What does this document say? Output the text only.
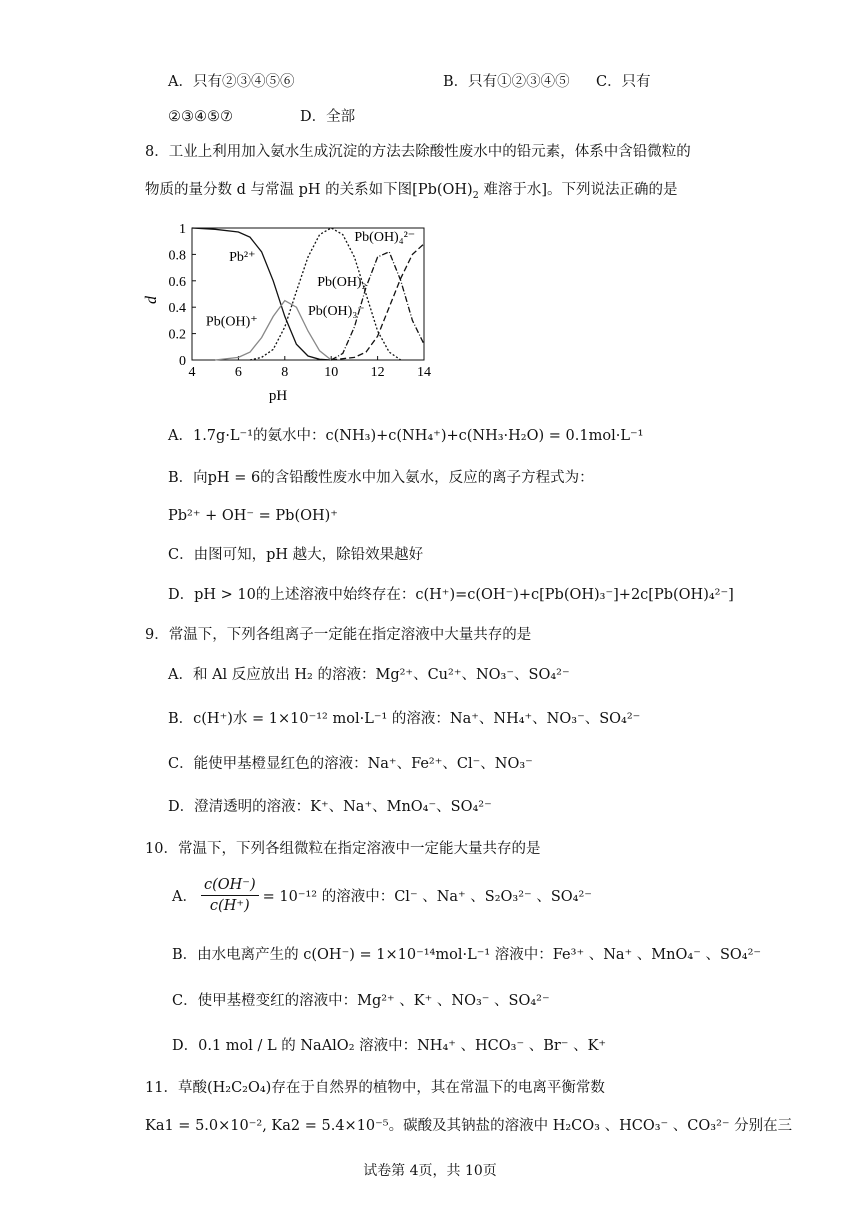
A．只有②③④⑤⑥	B．只有①②③④⑤ C．只有
②③④⑤⑦	D．全部
8．工业上利用加入氨水生成沉淀的方法去除酸性废水中的铅元素，体系中含铅微粒的
物质的量分数 d 与常温 pH 的关系如下图[$Pb(OH)_2$ 难溶于水]。下列说法正确的是
4	6	8	10 12 14
0
0.2
0.4
0.6
0.8
1
pH
d
Pb²⁺
Pb(OH)⁺
Pb(OH)₂
Pb(OH)₃⁻
Pb(OH)₄²⁻
A．1.7g·L⁻¹的氨水中：c(NH₃)+c(NH₄⁺)+c(NH₃·H₂O) = 0.1mol·L⁻¹
B．向pH = 6的含铅酸性废水中加入氨水，反应的离子方程式为：
Pb²⁺ + OH⁻ = Pb(OH)⁺
C．由图可知，pH 越大，除铅效果越好
D．pH > 10的上述溶液中始终存在：c(H⁺)=c(OH⁻)+c[Pb(OH)₃⁻]+2c[Pb(OH)₄²⁻]
9．常温下，下列各组离子一定能在指定溶液中大量共存的是
A．和 Al 反应放出 H₂ 的溶液：Mg²⁺、Cu²⁺、NO₃⁻、SO₄²⁻
B．c(H⁺)水 = 1×10⁻¹² mol·L⁻¹ 的溶液：Na⁺、NH₄⁺、NO₃⁻、SO₄²⁻
C．能使甲基橙显红色的溶液：Na⁺、Fe²⁺、Cl⁻、NO₃⁻
D．澄清透明的溶液：K⁺、Na⁺、MnO₄⁻、SO₄²⁻
10．常温下，下列各组微粒在指定溶液中一定能大量共存的是
A． $\frac{c(OH^-)}{c(H^+)} = 10^{-12}$ 的溶液中：Cl⁻ 、Na⁺ 、S₂O₃²⁻ 、SO₄²⁻
B．由水电离产生的 c(OH⁻) = 1×10⁻¹⁴mol·L⁻¹ 溶液中：Fe³⁺ 、Na⁺ 、MnO₄⁻ 、SO₄²⁻
C．使甲基橙变红的溶液中：Mg²⁺ 、K⁺ 、NO₃⁻ 、SO₄²⁻
D．0.1 mol / L 的 NaAlO₂ 溶液中：NH₄⁺ 、HCO₃⁻ 、Br⁻ 、K⁺
11．草酸(H₂C₂O₄)存在于自然界的植物中，其在常温下的电离平衡常数
Ka1 = 5.0×10⁻², Ka2 = 5.4×10⁻⁵。碳酸及其钠盐的溶液中 H₂CO₃ 、HCO₃⁻ 、CO₃²⁻ 分别在三
试卷第 4页，共 10页
